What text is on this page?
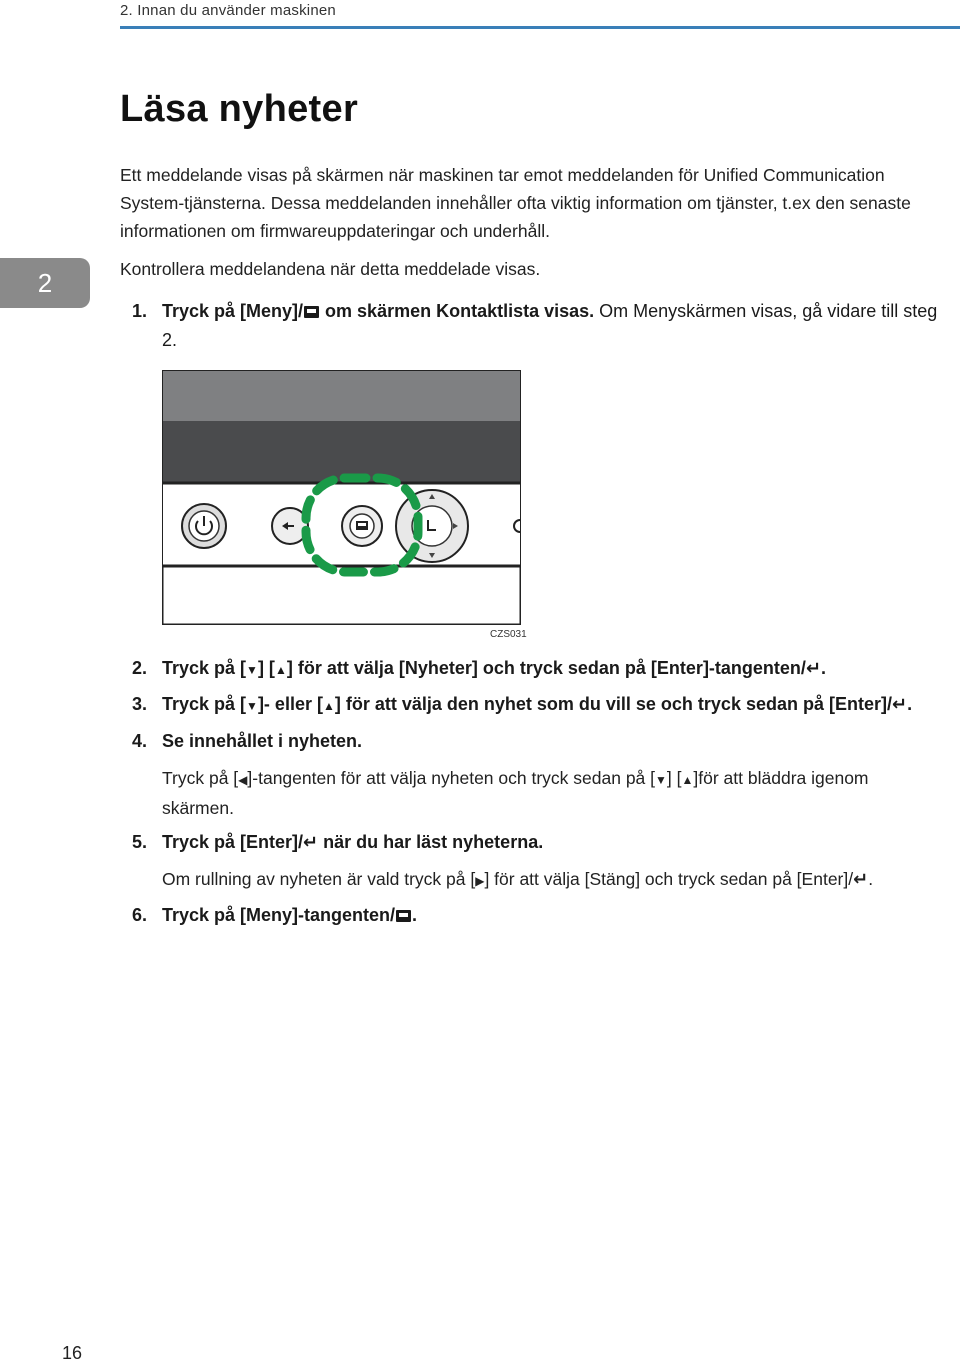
2. Innan du använder maskinen
2
Läsa nyheter

Ett meddelande visas på skärmen när maskinen tar emot meddelanden för Unified Communication System-tjänsterna. Dessa meddelanden innehåller ofta viktig information om tjänster, t.ex den senaste informationen om firmwareuppdateringar och underhåll.

Kontrollera meddelandena när detta meddelade visas.

1. Tryck på [Meny]/ om skärmen Kontaktlista visas. Om Menyskärmen visas, gå vidare till steg 2.
CZS031
2. Tryck på [▼] [▲] för att välja [Nyheter] och tryck sedan på [Enter]-tangenten/↵.
3. Tryck på [▼]- eller [▲] för att välja den nyhet som du vill se och tryck sedan på [Enter]/↵.
4. Se innehållet i nyheten.
Tryck på [◀]-tangenten för att välja nyheten och tryck sedan på [▼] [▲]för att bläddra igenom skärmen.
5. Tryck på [Enter]/↵ när du har läst nyheterna.
Om rullning av nyheten är vald tryck på [▶] för att välja [Stäng] och tryck sedan på [Enter]/↵.
6. Tryck på [Meny]-tangenten/ .
16
